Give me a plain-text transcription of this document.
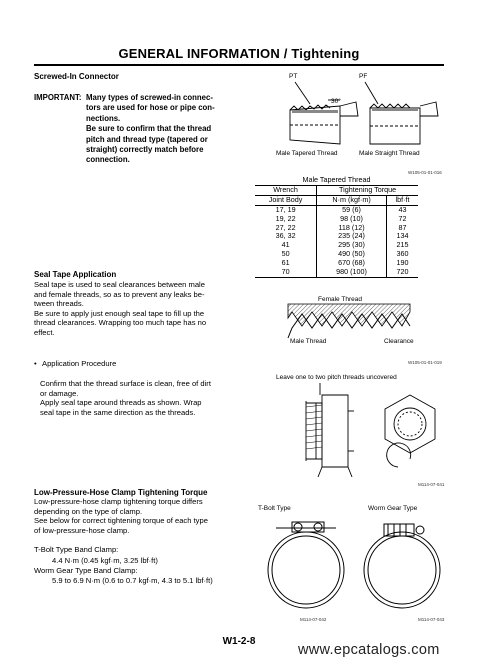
GENERAL INFORMATION / Tightening
Screwed-In Connector
IMPORTANT: Many types of screwed-in connec-
tors are used for hose or pipe con-
nections.
Be sure to confirm that the thread
pitch and thread type (tapered or
straight) correctly match before
connection.
PT	PF
30°
Male Tapered Thread	Male Straight Thread
W105-01-01-016
Male Tapered Thread		
Wrench	Tightening Torque	
Joint Body	N·m (kgf·m)	lbf·ft
17, 19	59 (6)	43
19, 22	98 (10)	72
27, 22	118 (12)	87
36, 32	235 (24)	134
41	295 (30)	215
50	490 (50)	360
61	670 (68)	190
70	980 (100)	720
Seal Tape Application
Seal tape is used to seal clearances between male
and female threads, so as to prevent any leaks be-
tween threads.
Be sure to apply just enough seal tape to fill up the
thread clearances. Wrapping too much tape has no
effect.
Female Thread
Male Thread	Clearance
W105-01-01-019
• Application Procedure
Confirm that the thread surface is clean, free of dirt
or damage.
Apply seal tape around threads as shown. Wrap
seal tape in the same direction as the threads.
Leave one to two pitch threads uncovered
M114-07-041
Low-Pressure-Hose Clamp Tightening Torque
Low-pressure-hose clamp tightening torque differs
depending on the type of clamp.
See below for correct tightening torque of each type
of low-pressure-hose clamp.
T-Bolt Type Band Clamp:
4.4 N·m (0.45 kgf·m, 3.25 lbf·ft)
Worm Gear Type Band Clamp:
5.9 to 6.9 N·m (0.6 to 0.7 kgf·m, 4.3 to 5.1 lbf·ft)
T-Bolt Type	Worm Gear Type
M114-07-042	M114-07-043
W1-2-8
www.epcatalogs.com
